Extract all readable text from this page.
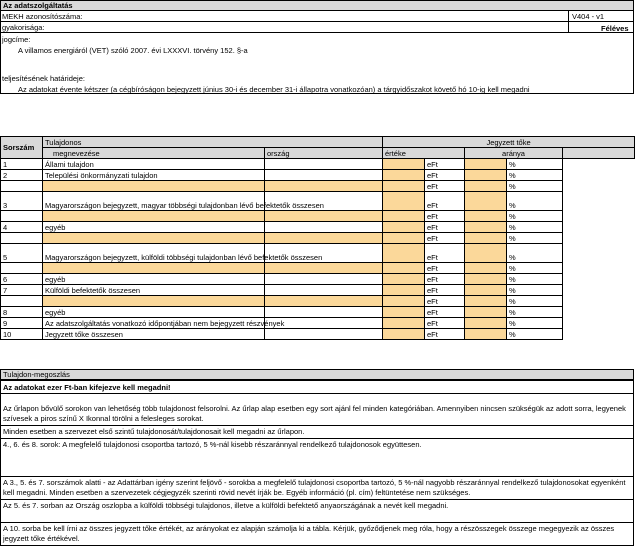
Az adatszolgáltatás
MEKH azonosítószáma:	V404 - v1
gyakorisága:	Féléves
jogcíme:
A villamos energiáról (VET) szóló 2007. évi LXXXVI. törvény 152. §-a
teljesítésének határideje:
Az adatokat évente kétszer (a cégbíróságon bejegyzett június 30-i és december 31-i állapotra vonatkozóan) a tárgyidőszakot követő hó 10-ig kell megadni
Sorszám	Tulajdonos		Jegyzett tőke				
	megnevezése	ország	értéke		aránya		
1	Állami tulajdon			eFt		%	
2	Települési önkormányzati tulajdon			eFt		%	
				eFt		%	
3	Magyarországon bejegyzett, magyar többségi tulajdonban lévő befektetők összesen			eFt		%	
				eFt		%	
4	egyéb			eFt		%	
				eFt		%	
5	Magyarországon bejegyzett, külföldi többségi tulajdonban lévő befektetők összesen			eFt		%	
				eFt		%	
6	egyéb			eFt		%	
7	Külföldi befektetők összesen			eFt		%	
				eFt		%	
8	egyéb			eFt		%	
9	Az adatszolgáltatás vonatkozó időpontjában nem bejegyzett részvények			eFt		%	
10	Jegyzett tőke összesen			eFt		%	
Tulajdon-megoszlás
Az adatokat ezer Ft-ban kifejezve kell megadni!
Az űrlapon bővülő sorokon van lehetőség több tulajdonost felsorolni. Az űrlap alap esetben egy sort ajánl fel minden kategóriában. Amennyiben nincsen szükségük az adott sorra, legyenek szívesek a piros színű X Ikonnal törölni a felesleges sorokat.
Minden esetben a szervezet első szintű tulajdonosát/tulajdonosait kell megadni az űrlapon.
4., 6. és 8. sorok: A megfelelő tulajdonosi csoportba tartozó, 5 %-nál kisebb részaránnyal rendelkező tulajdonosok együttesen.
A 3., 5. és 7. sorszámok alatti - az Adattárban igény szerint feljövő - sorokba a megfelelő tulajdonosi csoportba tartozó, 5 %-nál nagyobb részaránnyal rendelkező tulajdonosokat egyenként kell megadni. Minden esetben a szervezetek cégjegyzék szerinti rövid nevét írják be. Egyéb információ (pl. cím) feltüntetése nem szükséges.
Az 5. és 7. sorban az Ország oszlopba a külföldi többségi tulajdonos, illetve a külföldi befektető anyaországának a nevét kell megadni.
A 10. sorba be kell írni az összes jegyzett tőke értékét, az arányokat ez alapján számolja ki a tábla. Kérjük, győződjenek meg róla, hogy a részösszegek összege megegyezik az összes jegyzett tőke értékével.
